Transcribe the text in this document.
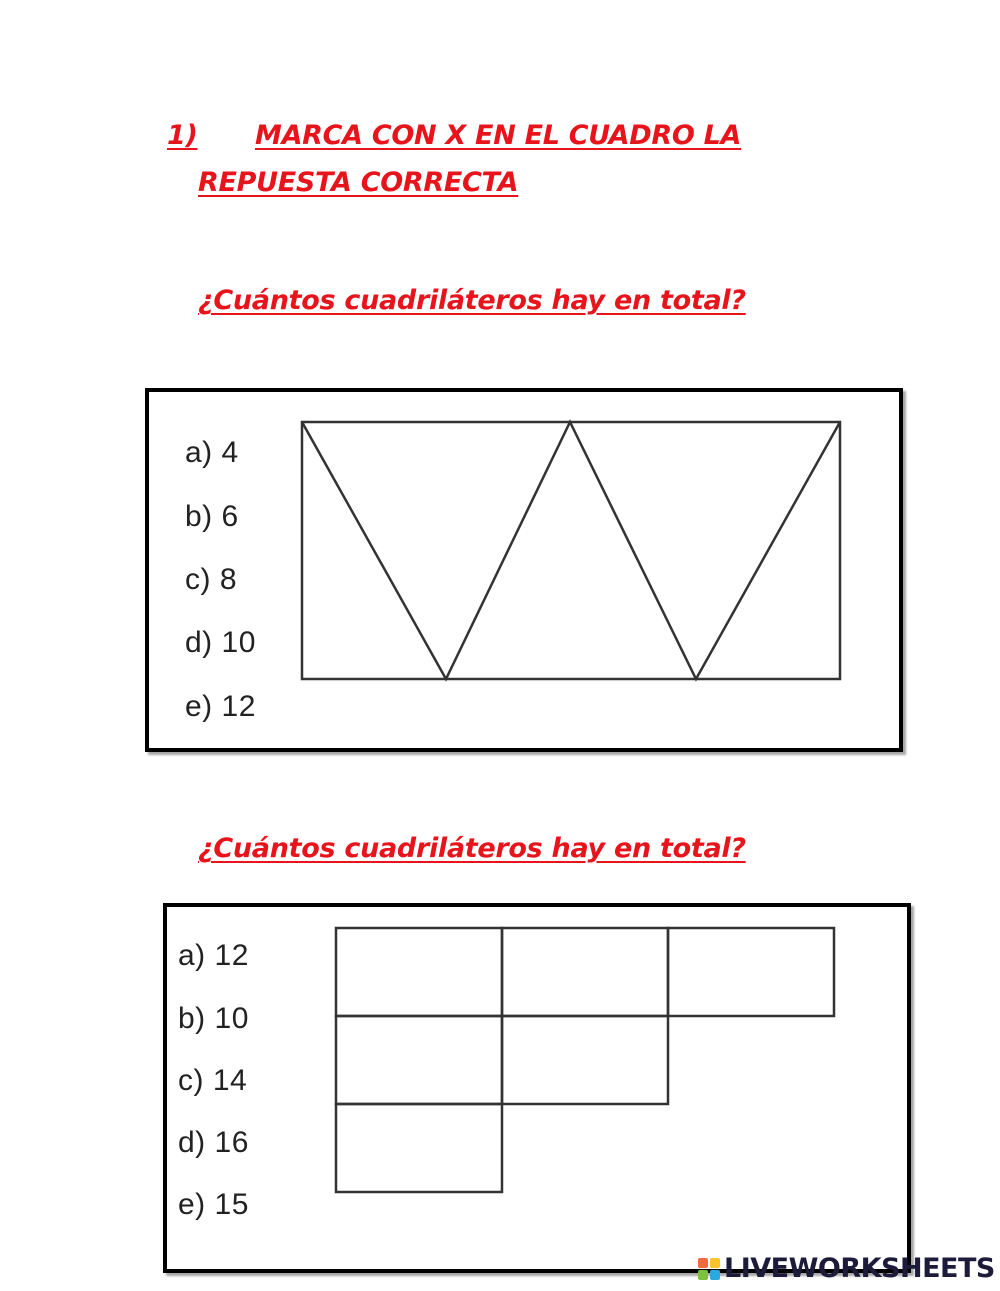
1) MARCA CON X EN EL CUADRO LA
REPUESTA CORRECTA
¿Cuántos cuadriláteros hay en total?
a) 4
b) 6
c) 8
d) 10
e) 12
¿Cuántos cuadriláteros hay en total?
a) 12
b) 10
c) 14
d) 16
e) 15
LIVEWORKSHEETS
